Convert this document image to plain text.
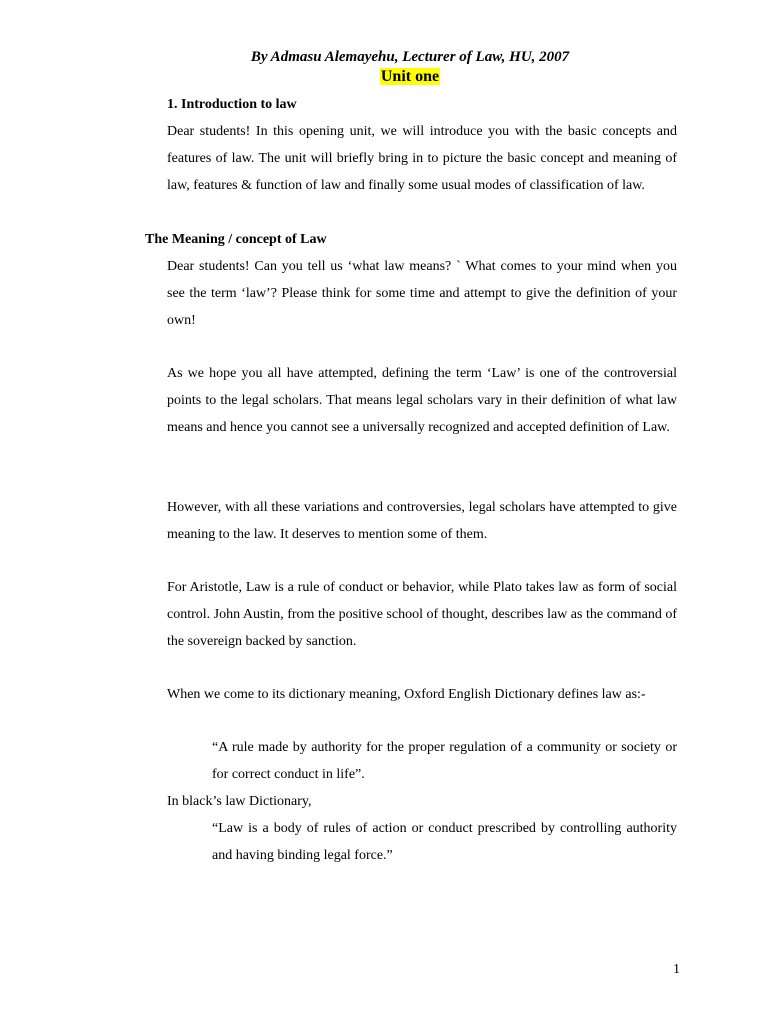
By Admasu Alemayehu, Lecturer of Law, HU, 2007
Unit one
1. Introduction to law

Dear students! In this opening unit, we will introduce you with the basic concepts and features of law. The unit will briefly bring in to picture the basic concept and meaning of law, features & function of law and finally some usual modes of classification of law.

The Meaning / concept of Law

Dear students! Can you tell us ‘what law means? ` What comes to your mind when you see the term ‘law’? Please think for some time and attempt to give the definition of your own!

As we hope you all have attempted, defining the term ‘Law’ is one of the controversial points to the legal scholars. That means legal scholars vary in their definition of what law means and hence you cannot see a universally recognized and accepted definition of Law.

However, with all these variations and controversies, legal scholars have attempted to give meaning to the law. It deserves to mention some of them.

For Aristotle, Law is a rule of conduct or behavior, while Plato takes law as form of social control. John Austin, from the positive school of thought, describes law as the command of the sovereign backed by sanction.

When we come to its dictionary meaning, Oxford English Dictionary defines law as:-

“A rule made by authority for the proper regulation of a community or society or for correct conduct in life”.

In black’s law Dictionary,

“Law is a body of rules of action or conduct prescribed by controlling authority and having binding legal force.”

1
